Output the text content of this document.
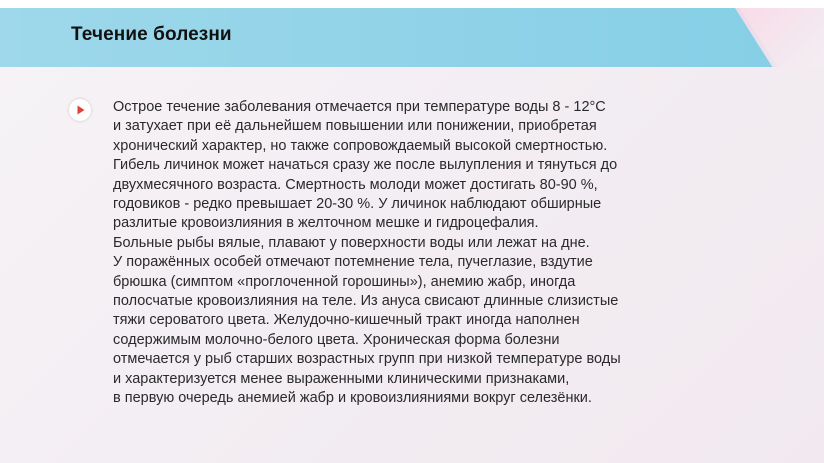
Течение болезни

Острое течение заболевания отмечается при температуре воды 8 - 12°C
и затухает при её дальнейшем повышении или понижении, приобретая
хронический характер, но также сопровождаемый высокой смертностью.
Гибель личинок может начаться сразу же после вылупления и тянуться до
двухмесячного возраста. Смертность молоди может достигать 80-90 %,
годовиков - редко превышает 20-30 %. У личинок наблюдают обширные
разлитые кровоизлияния в желточном мешке и гидроцефалия.
Больные рыбы вялые, плавают у поверхности воды или лежат на дне.
У поражённых особей отмечают потемнение тела, пучеглазие, вздутие
брюшка (симптом «проглоченной горошины»), анемию жабр, иногда
полосчатые кровоизлияния на теле. Из ануса свисают длинные слизистые
тяжи сероватого цвета. Желудочно-кишечный тракт иногда наполнен
содержимым молочно-белого цвета. Хроническая форма болезни
отмечается у рыб старших возрастных групп при низкой температуре воды
и характеризуется менее выраженными клиническими признаками,
в первую очередь анемией жабр и кровоизлияниями вокруг селезёнки.
